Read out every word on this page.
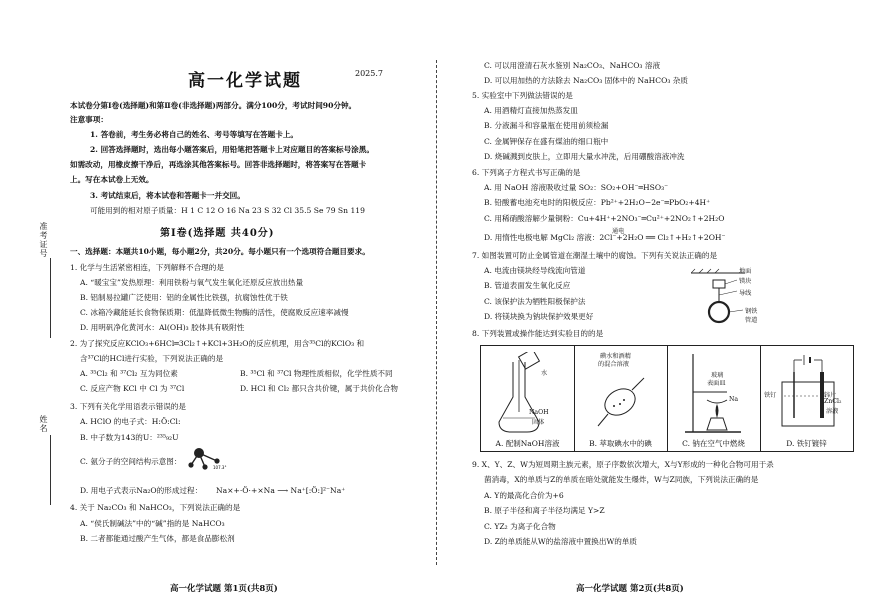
准考证号
姓名
高一化学试题	2025.7
本试卷分第Ⅰ卷(选择题)和第Ⅱ卷(非选择题)两部分。满分100分，考试时间90分钟。
注意事项：
1. 答卷前，考生务必将自己的姓名、考号等填写在答题卡上。
2. 回答选择题时，选出每小题答案后，用铅笔把答题卡上对应题目的答案标号涂黑。
如需改动，用橡皮擦干净后，再选涂其他答案标号。回答非选择题时，将答案写在答题卡
上。写在本试卷上无效。
3. 考试结束后，将本试卷和答题卡一并交回。
可能用到的相对原子质量：H 1 C 12 O 16 Na 23 S 32 Cl 35.5 Se 79 Sn 119
第Ⅰ卷(选择题 共40分)
一、选择题：本题共10小题，每小题2分，共20分。每小题只有一个选项符合题目要求。
1. 化学与生活紧密相连，下列解释不合理的是
A. “暖宝宝”发热原理：利用铁粉与氧气发生氧化还原反应放出热量
B. 铝制易拉罐广泛使用：铝的金属性比铁强，抗腐蚀性优于铁
C. 冰箱冷藏能延长食物保质期：低温降低微生物酶的活性，使腐败反应速率减慢
D. 用明矾净化黄河水：Al(OH)₃ 胶体具有吸附性
2. 为了探究反应KClO₃+6HCl═3Cl₂↑+KCl+3H₂O的反应机理，用含³⁵Cl的KClO₃ 和
含³⁷Cl的HCl进行实验，下列说法正确的是
A. ³⁵Cl₂ 和 ³⁷Cl₂ 互为同位素	B. ³⁵Cl 和 ³⁷Cl 物理性质相似，化学性质不同
C. 反应产物 KCl 中 Cl 为 ³⁷Cl	D. HCl 和 Cl₂ 都只含共价键，属于共价化合物
3. 下列有关化学用语表示错误的是
A. HClO 的电子式：H:Ö:Cl:
B. 中子数为143的U：²³⁵₉₂U
C. 氨分子的空间结构示意图：
107.3°
D. 用电子式表示Na₂O的形成过程： Na×+·Ö·+×Na ⟶ Na⁺[:Ö:]²⁻Na⁺
4. 关于 Na₂CO₃ 和 NaHCO₃，下列说法正确的是
A. “侯氏制碱法”中的“碱”指的是 NaHCO₃
B. 二者都能通过酸产生气体，都是食品膨松剂
高一化学试题 第1页(共8页)
C. 可以用澄清石灰水鉴别 Na₂CO₃、NaHCO₃ 溶液
D. 可以用加热的方法除去 Na₂CO₃ 固体中的 NaHCO₃ 杂质
5. 实验室中下列做法错误的是
A. 用酒精灯直接加热蒸发皿
B. 分液漏斗和容量瓶在使用前须检漏
C. 金属钾保存在盛有煤油的细口瓶中
D. 烧碱溅到皮肤上，立即用大量水冲洗，后用硼酸溶液冲洗
6. 下列离子方程式书写正确的是
A. 用 NaOH 溶液吸收过量 SO₂：SO₂+OH⁻═HSO₃⁻
B. 铅酸蓄电池充电时的阳极反应：Pb²⁺+2H₂O−2e⁻═PbO₂+4H⁺
C. 用稀硝酸溶解少量铜粉：Cu+4H⁺+2NO₃⁻═Cu²⁺+2NO₂↑+2H₂O
通电
D. 用惰性电极电解 MgCl₂ 溶液：2Cl⁻+2H₂O ══ Cl₂↑+H₂↑+2OH⁻
7. 如图装置可防止金属管道在潮湿土壤中的腐蚀。下列有关说法正确的是
A. 电流由镁块经导线流向管道
B. 管道表面发生氧化反应
C. 该保护法为牺牲阳极保护法
D. 将镁块换为钠块保护效果更好
地面
镁块
导线
钢铁
管道
8. 下列装置或操作能达到实验目的的是
水
NaOH
固体
A. 配制NaOH溶液
碘水和酒精
的混合溶液
B. 萃取碘水中的碘
玻璃
表面皿
Na
C. 钠在空气中燃烧
铁钉	锌片
ZnCl₂
溶液
D. 铁钉镀锌
9. X、Y、Z、W为短周期主族元素，原子序数依次增大，X与Y形成的一种化合物可用于杀
菌消毒，X的单质与Z的单质在暗处就能发生爆炸，W与Z同族，下列说法正确的是
A. Y的最高化合价为+6
B. 原子半径和离子半径均满足 Y>Z
C. YZ₂ 为离子化合物
D. Z的单质能从W的盐溶液中置换出W的单质
高一化学试题 第2页(共8页)
